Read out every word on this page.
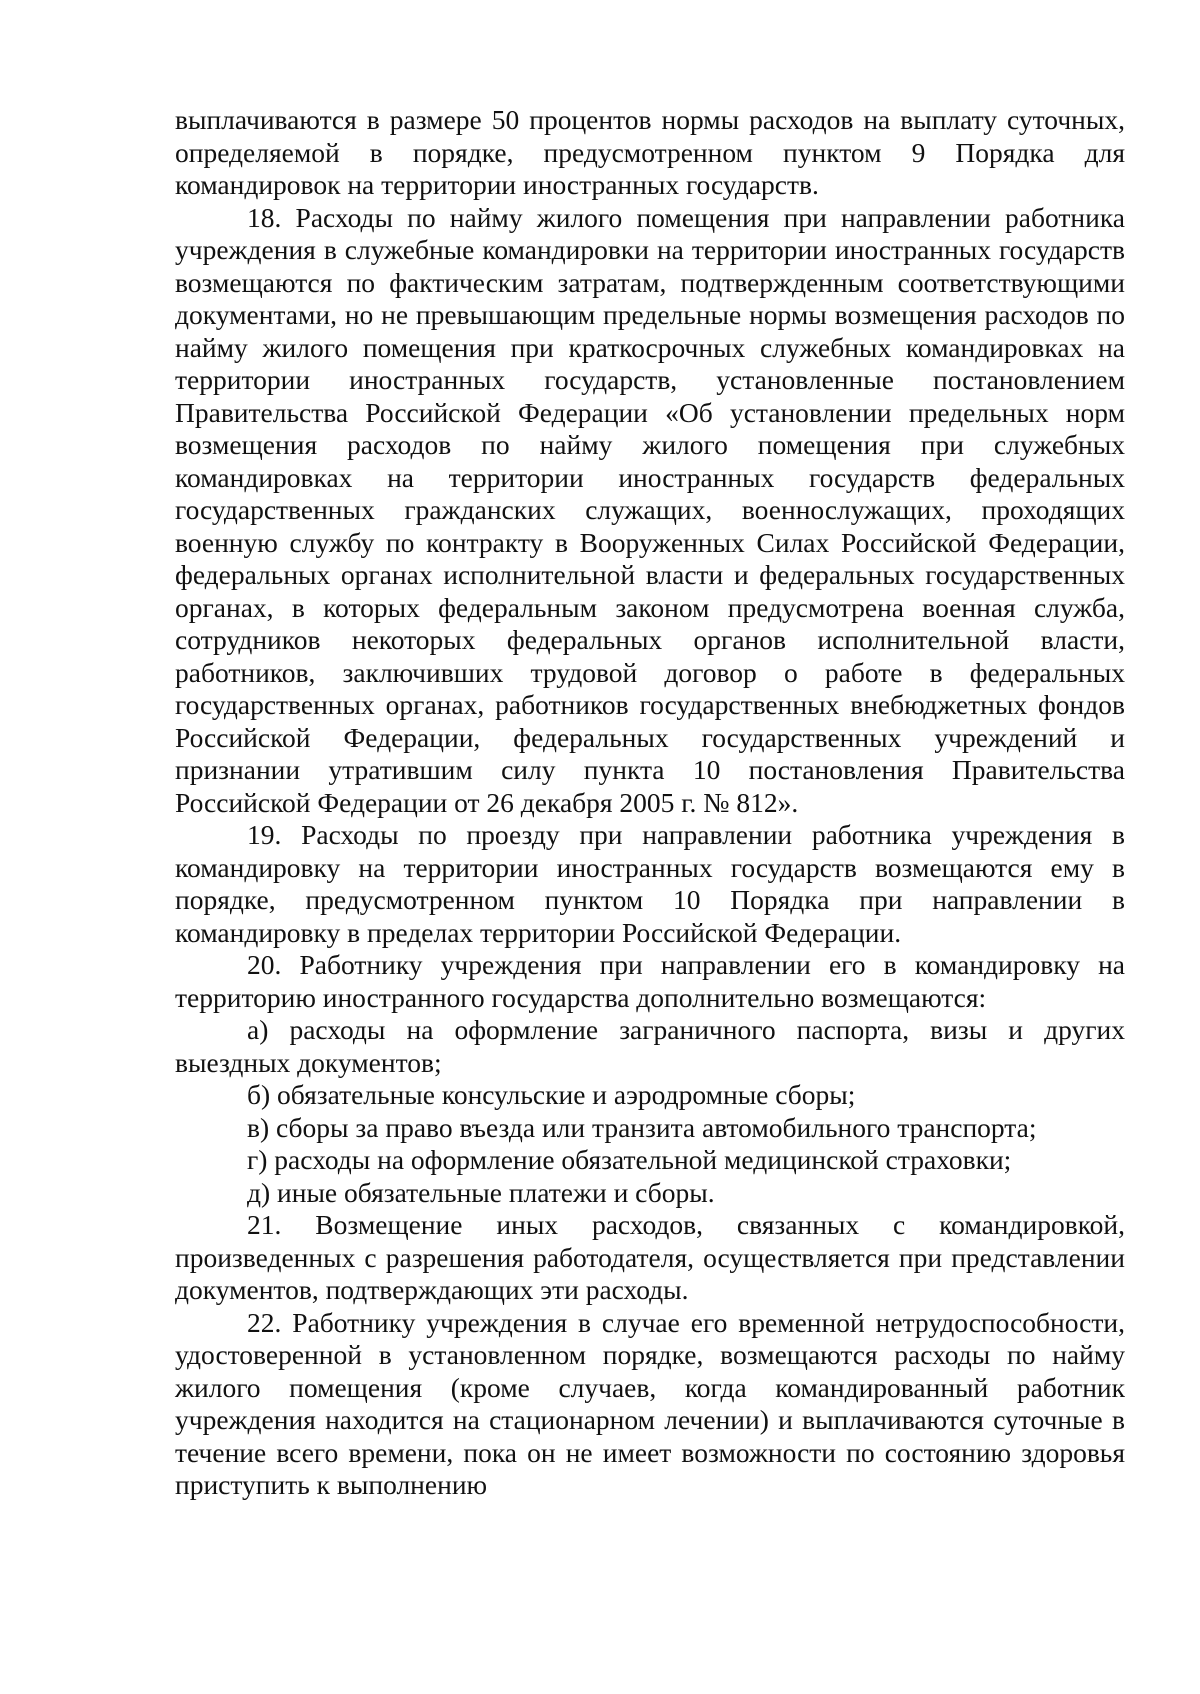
выплачиваются в размере 50 процентов нормы расходов на выплату суточных, определяемой в порядке, предусмотренном пунктом 9 Порядка для командировок на территории иностранных государств.

18. Расходы по найму жилого помещения при направлении работника учреждения в служебные командировки на территории иностранных государств возмещаются по фактическим затратам, подтвержденным соответствующими документами, но не превышающим предельные нормы возмещения расходов по найму жилого помещения при краткосрочных служебных командировках на территории иностранных государств, установленные постановлением Правительства Российской Федерации «Об установлении предельных норм возмещения расходов по найму жилого помещения при служебных командировках на территории иностранных государств федеральных государственных гражданских служащих, военнослужащих, проходящих военную службу по контракту в Вооруженных Силах Российской Федерации, федеральных органах исполнительной власти и федеральных государственных органах, в которых федеральным законом предусмотрена военная служба, сотрудников некоторых федеральных органов исполнительной власти, работников, заключивших трудовой договор о работе в федеральных государственных органах, работников государственных внебюджетных фондов Российской Федерации, федеральных государственных учреждений и признании утратившим силу пункта 10 постановления Правительства Российской Федерации от 26 декабря 2005 г. № 812».

19. Расходы по проезду при направлении работника учреждения в командировку на территории иностранных государств возмещаются ему в порядке, предусмотренном пунктом 10 Порядка при направлении в командировку в пределах территории Российской Федерации.

20. Работнику учреждения при направлении его в командировку на территорию иностранного государства дополнительно возмещаются:

а) расходы на оформление заграничного паспорта, визы и других выездных документов;

б) обязательные консульские и аэродромные сборы;

в) сборы за право въезда или транзита автомобильного транспорта;

г) расходы на оформление обязательной медицинской страховки;

д) иные обязательные платежи и сборы.

21. Возмещение иных расходов, связанных с командировкой, произведенных с разрешения работодателя, осуществляется при представлении документов, подтверждающих эти расходы.

22. Работнику учреждения в случае его временной нетрудоспособности, удостоверенной в установленном порядке, возмещаются расходы по найму жилого помещения (кроме случаев, когда командированный работник учреждения находится на стационарном лечении) и выплачиваются суточные в течение всего времени, пока он не имеет возможности по состоянию здоровья приступить к выполнению
